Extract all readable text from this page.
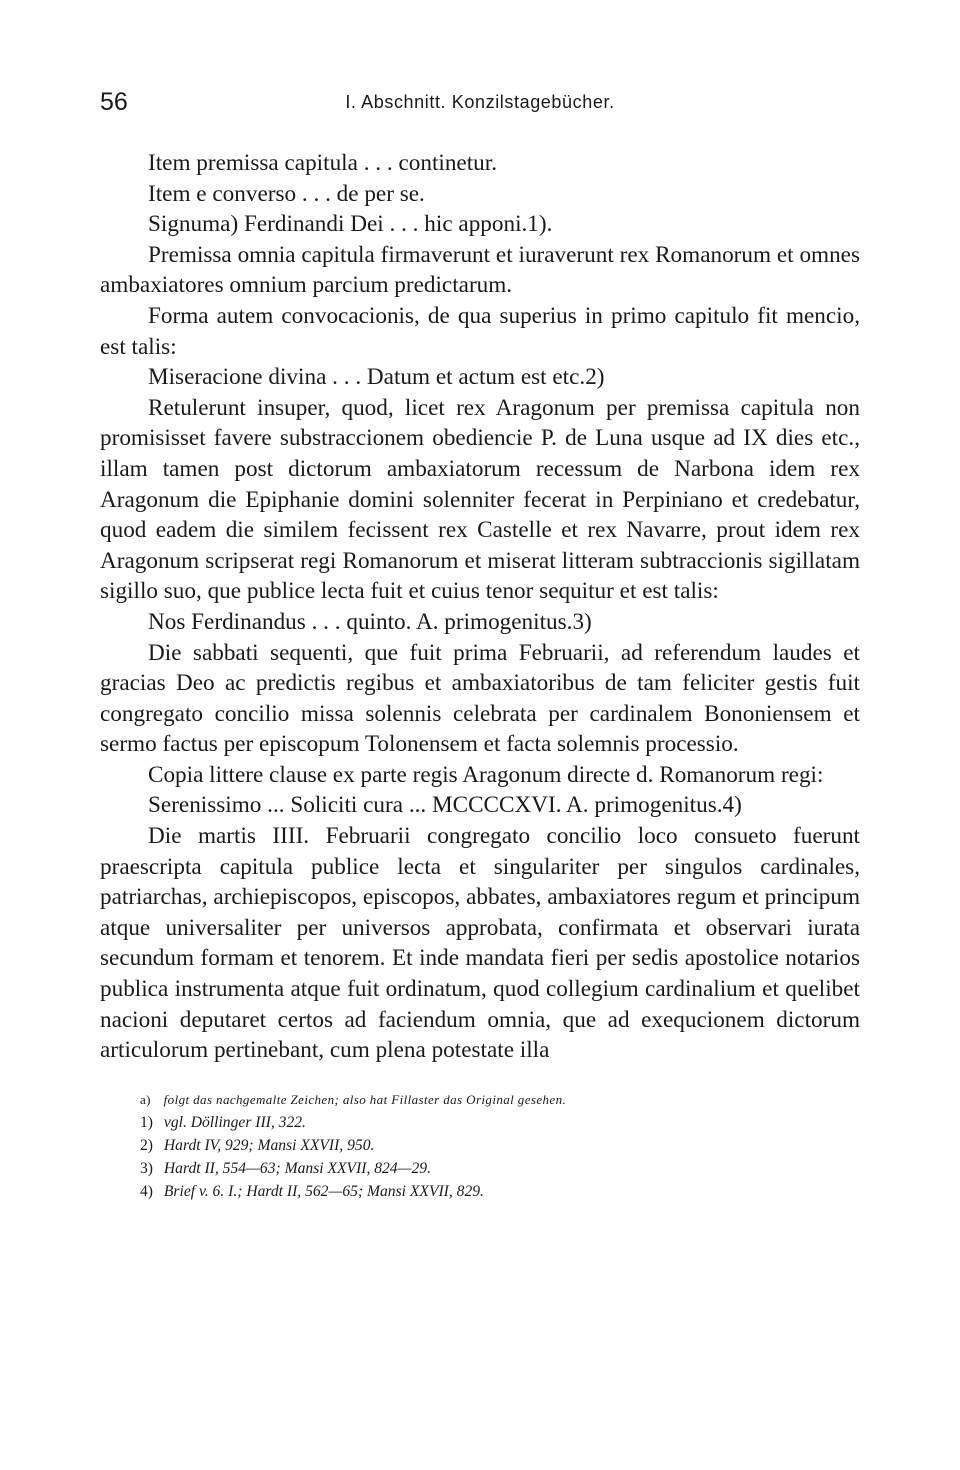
56	I. Abschnitt. Konzilstagebücher.

Item premissa capitula . . . continetur.

Item e converso . . . de per se.

Signuma) Ferdinandi Dei . . . hic apponi.1).

Premissa omnia capitula firmaverunt et iuraverunt rex Romanorum et omnes ambaxiatores omnium parcium predictarum.

Forma autem convocacionis, de qua superius in primo capitulo fit mencio, est talis:

Miseracione divina . . . Datum et actum est etc.2)

Retulerunt insuper, quod, licet rex Aragonum per premissa capitula non promisisset favere substraccionem obediencie P. de Luna usque ad IX dies etc., illam tamen post dictorum ambaxiatorum recessum de Narbona idem rex Aragonum die Epiphanie domini solenniter fecerat in Perpiniano et credebatur, quod eadem die similem fecissent rex Castelle et rex Navarre, prout idem rex Aragonum scripserat regi Romanorum et miserat litteram subtraccionis sigillatam sigillo suo, que publice lecta fuit et cuius tenor sequitur et est talis:

Nos Ferdinandus . . . quinto. A. primogenitus.3)

Die sabbati sequenti, que fuit prima Februarii, ad referendum laudes et gracias Deo ac predictis regibus et ambaxiatoribus de tam feliciter gestis fuit congregato concilio missa solennis celebrata per cardinalem Bononiensem et sermo factus per episcopum Tolonensem et facta solemnis processio.

Copia littere clause ex parte regis Aragonum directe d. Romanorum regi:

Serenissimo ... Soliciti cura ... MCCCCXVI. A. primogenitus.4)

Die martis IIII. Februarii congregato concilio loco consueto fuerunt praescripta capitula publice lecta et singulariter per singulos cardinales, patriarchas, archiepiscopos, episcopos, abbates, ambaxiatores regum et principum atque universaliter per universos approbata, confirmata et observari iurata secundum formam et tenorem. Et inde mandata fieri per sedis apostolice notarios publica instrumenta atque fuit ordinatum, quod collegium cardinalium et quelibet nacioni deputaret certos ad faciendum omnia, que ad exequcionem dictorum articulorum pertinebant, cum plena potestate illa

a) folgt das nachgemalte Zeichen; also hat Fillaster das Original gesehen.

1) vgl. Döllinger III, 322.

2) Hardt IV, 929; Mansi XXVII, 950.

3) Hardt II, 554—63; Mansi XXVII, 824—29.

4) Brief v. 6. I.; Hardt II, 562—65; Mansi XXVII, 829.
